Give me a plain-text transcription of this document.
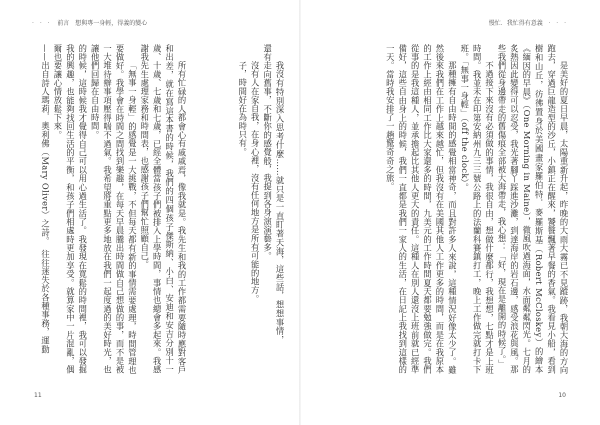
· · · 前言　想與專一身輕，得義的變心

我沒有特別深入思考什麼……就只是一直盯著天海，這些話，想想事情，還有走向舊事，不斷你的感覺般，我提到各身演演藝多。

沒有人在家自我，在身心裡，沒有任何地方是所有可能的地方。

子，時間好在為時只有。

所有忙碌的人都會心有戚戚焉，像我就是。我先生和我的工作都需要隨時應對客戶和出差，就在寫這本書的時候，我們的四個孩子傑斯納、小白、安迪和安吉分別十一歲、十歲、七歲和七歲，已經全體當孩子們被排入上學時間，事情也總會多起來。我感謝我先生處理家務和時間表，也感謝孩子們幫忙照顧自己。

「無事一身輕」的感覺是一大挑戰，不但每天都有新的事情需要處理，時間管理也要做好。我學會在時間之間找到樂趣，在每天早晨騰出時間做自己想做的事，而不是被一大堆待辦事項壓得喘不過氣。我希望將重點更多地放在我們一起度過的美好時光，也讓他們回歸在自由時間。

的時候，這時候我才覺得自己可以用心過生活了。我發現在寬鬆的時間裡，我可以發掘我的興趣，也能夠找回生活的平衡，和孩子們相處時更加享受。就算家中一片混亂，偶爾也要讓心情放鬆下來。

——出自詩人瑪莉．奧利佛（Mary Oliver）之詩。　往往迷失於各種事務，運動

11
慢忙．我忙得有意義 · · ·

是美好的夏日早晨，太陽重新升起，昨晚的大雨大霧已不見蹤跡，我朝大海的方向跑去，穿過巨龍造型的沙丘，小鎮正在醒來，饕餮飄著早餐的香氣。我看見小船，看到樹和山丘，彷彿置身於美國畫家羅伯特．麥羅斯基（Robert McCloskey）的繪本《緬因的早晨》（One Morning in Maine），微風吹過海面，水面粼粼閃光。七月的炙熱因此變得可以忍受，我光著腳丫踩進沙灘，到達海岸的岩石邊，感受浪花與風。那些我們從身邊帶走的舊傷痕全部被大海帶走，我心想：「好，現在是離開的時候了。」

不過接下來沒有必須做的事情，我很自由，想做什麼都行，我想想，七點才是上班時間。我並未在印第安納州九三三號公路上的法蘭科賽鎮打工，晚上工作做完就打卡下班。「無事一身輕」（off the clock）。

那種擁有自由時間的感覺相當神奇，而且對許多人來說，這種情況好像太少了。雖然後來我們在工作上越來越忙，但我沒有在美國其他人工作更多的時間，而是在我原本的工作上經由相同工作比大家還多的時間，九美元的工作時間夏天都要勉強做完。我們從事的是我這種人，並承擔起比其他人更大的責任。這種人在別人還沒上班前就已經準備好，這些自由身上的時候，我們一直都是我們一家人的生活，在日記上我找到這樣的一天。當時我安排了一趟驚奇奇之旅。

10
